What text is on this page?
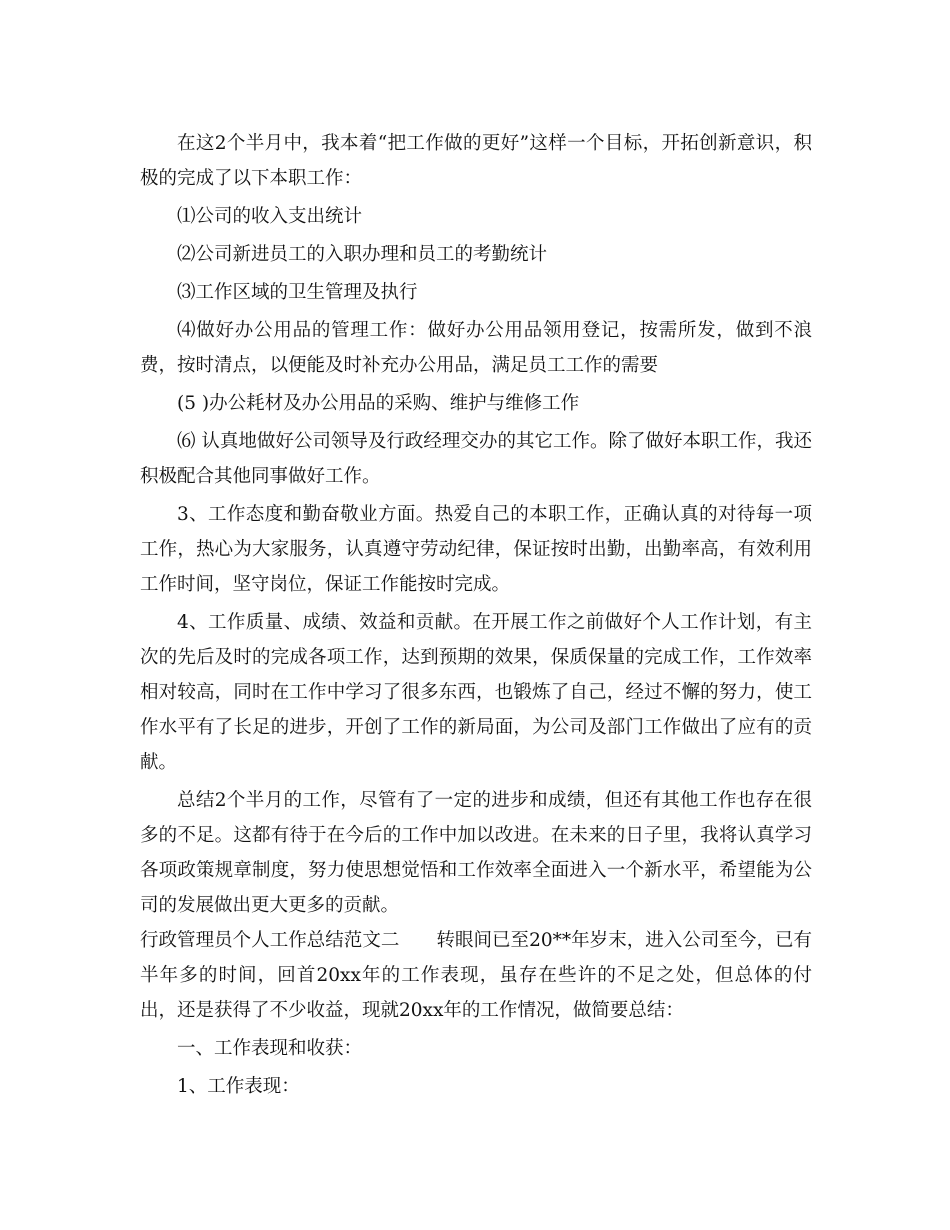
在这2个半月中，我本着“把工作做的更好”这样一个目标，开拓创新意识，积极的完成了以下本职工作：

⑴公司的收入支出统计

⑵公司新进员工的入职办理和员工的考勤统计

⑶工作区域的卫生管理及执行

⑷做好办公用品的管理工作：做好办公用品领用登记，按需所发，做到不浪费，按时清点，以便能及时补充办公用品，满足员工工作的需要

(5 )办公耗材及办公用品的采购、维护与维修工作

⑹ 认真地做好公司领导及行政经理交办的其它工作。除了做好本职工作，我还积极配合其他同事做好工作。

3、工作态度和勤奋敬业方面。热爱自己的本职工作，正确认真的对待每一项工作，热心为大家服务，认真遵守劳动纪律，保证按时出勤，出勤率高，有效利用工作时间，坚守岗位，保证工作能按时完成。

4、工作质量、成绩、效益和贡献。在开展工作之前做好个人工作计划，有主次的先后及时的完成各项工作，达到预期的效果，保质保量的完成工作，工作效率相对较高，同时在工作中学习了很多东西，也锻炼了自己，经过不懈的努力，使工作水平有了长足的进步，开创了工作的新局面，为公司及部门工作做出了应有的贡献。

总结2个半月的工作，尽管有了一定的进步和成绩，但还有其他工作也存在很多的不足。这都有待于在今后的工作中加以改进。在未来的日子里，我将认真学习各项政策规章制度，努力使思想觉悟和工作效率全面进入一个新水平，希望能为公司的发展做出更大更多的贡献。

行政管理员个人工作总结范文二　　转眼间已至20**年岁末，进入公司至今，已有半年多的时间，回首20xx年的工作表现，虽存在些许的不足之处，但总体的付出，还是获得了不少收益，现就20xx年的工作情况，做简要总结：

一、工作表现和收获：

1、工作表现：
